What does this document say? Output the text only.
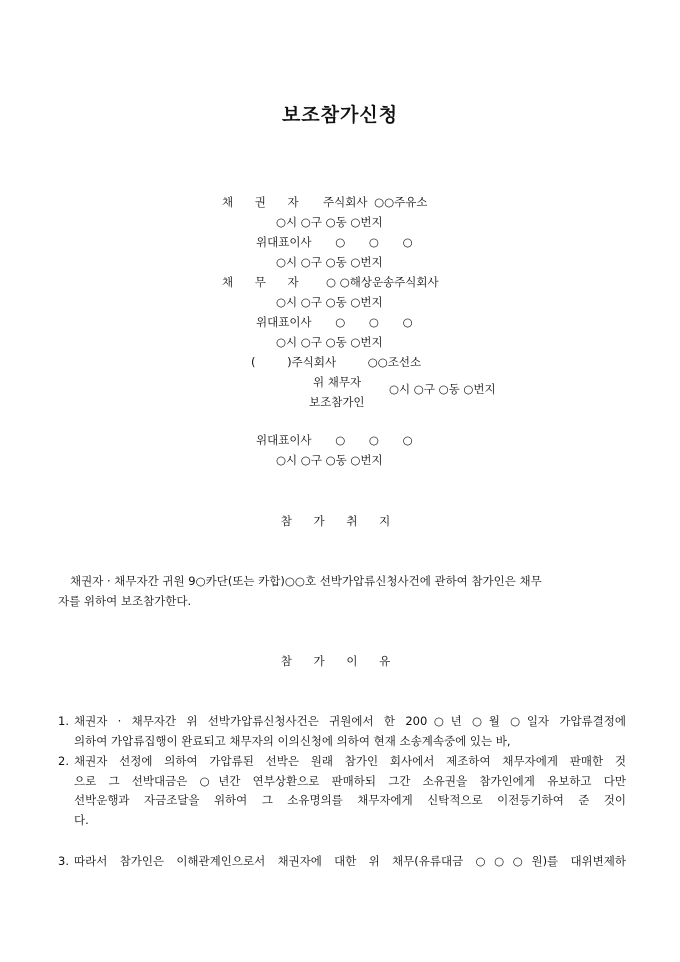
보조참가신청
채 권 자 주식회사 ○○주유소
○시 ○구 ○동 ○번지
위대표이사 ○ ○ ○
○시 ○구 ○동 ○번지
채 무 자 ○ ○해상운송주식회사
○시 ○구 ○동 ○번지
위대표이사 ○ ○ ○
○시 ○구 ○동 ○번지
( )주식회사 ○○조선소
위 채무자
보조참가인
○시 ○구 ○동 ○번지
위대표이사 ○ ○ ○
○시 ○구 ○동 ○번지
참 가 취 지
채권자 · 채무자간 귀원 9○카단(또는 카합)○○호 선박가압류신청사건에 관하여 참가인은 채무
자를 위하여 보조참가한다.
참 가 이 유
1. 채권자 · 채무자간 위 선박가압류신청사건은 귀원에서 한 200○년 ○월 ○일자 가압류결정에
의하여 가압류집행이 완료되고 채무자의 이의신청에 의하여 현재 소송계속중에 있는 바,
2. 채권자 선정에 의하여 가압류된 선박은 원래 참가인 회사에서 제조하여 채무자에게 판매한 것
으로 그 선박대금은 ○년간 연부상환으로 판매하되 그간 소유권을 참가인에게 유보하고 다만
선박운행과 자금조달을 위하여 그 소유명의를 채무자에게 신탁적으로 이전등기하여 준 것이
다.
3. 따라서 참가인은 이해관계인으로서 채권자에 대한 위 채무(유류대금 ○○○원)를 대위변제하
